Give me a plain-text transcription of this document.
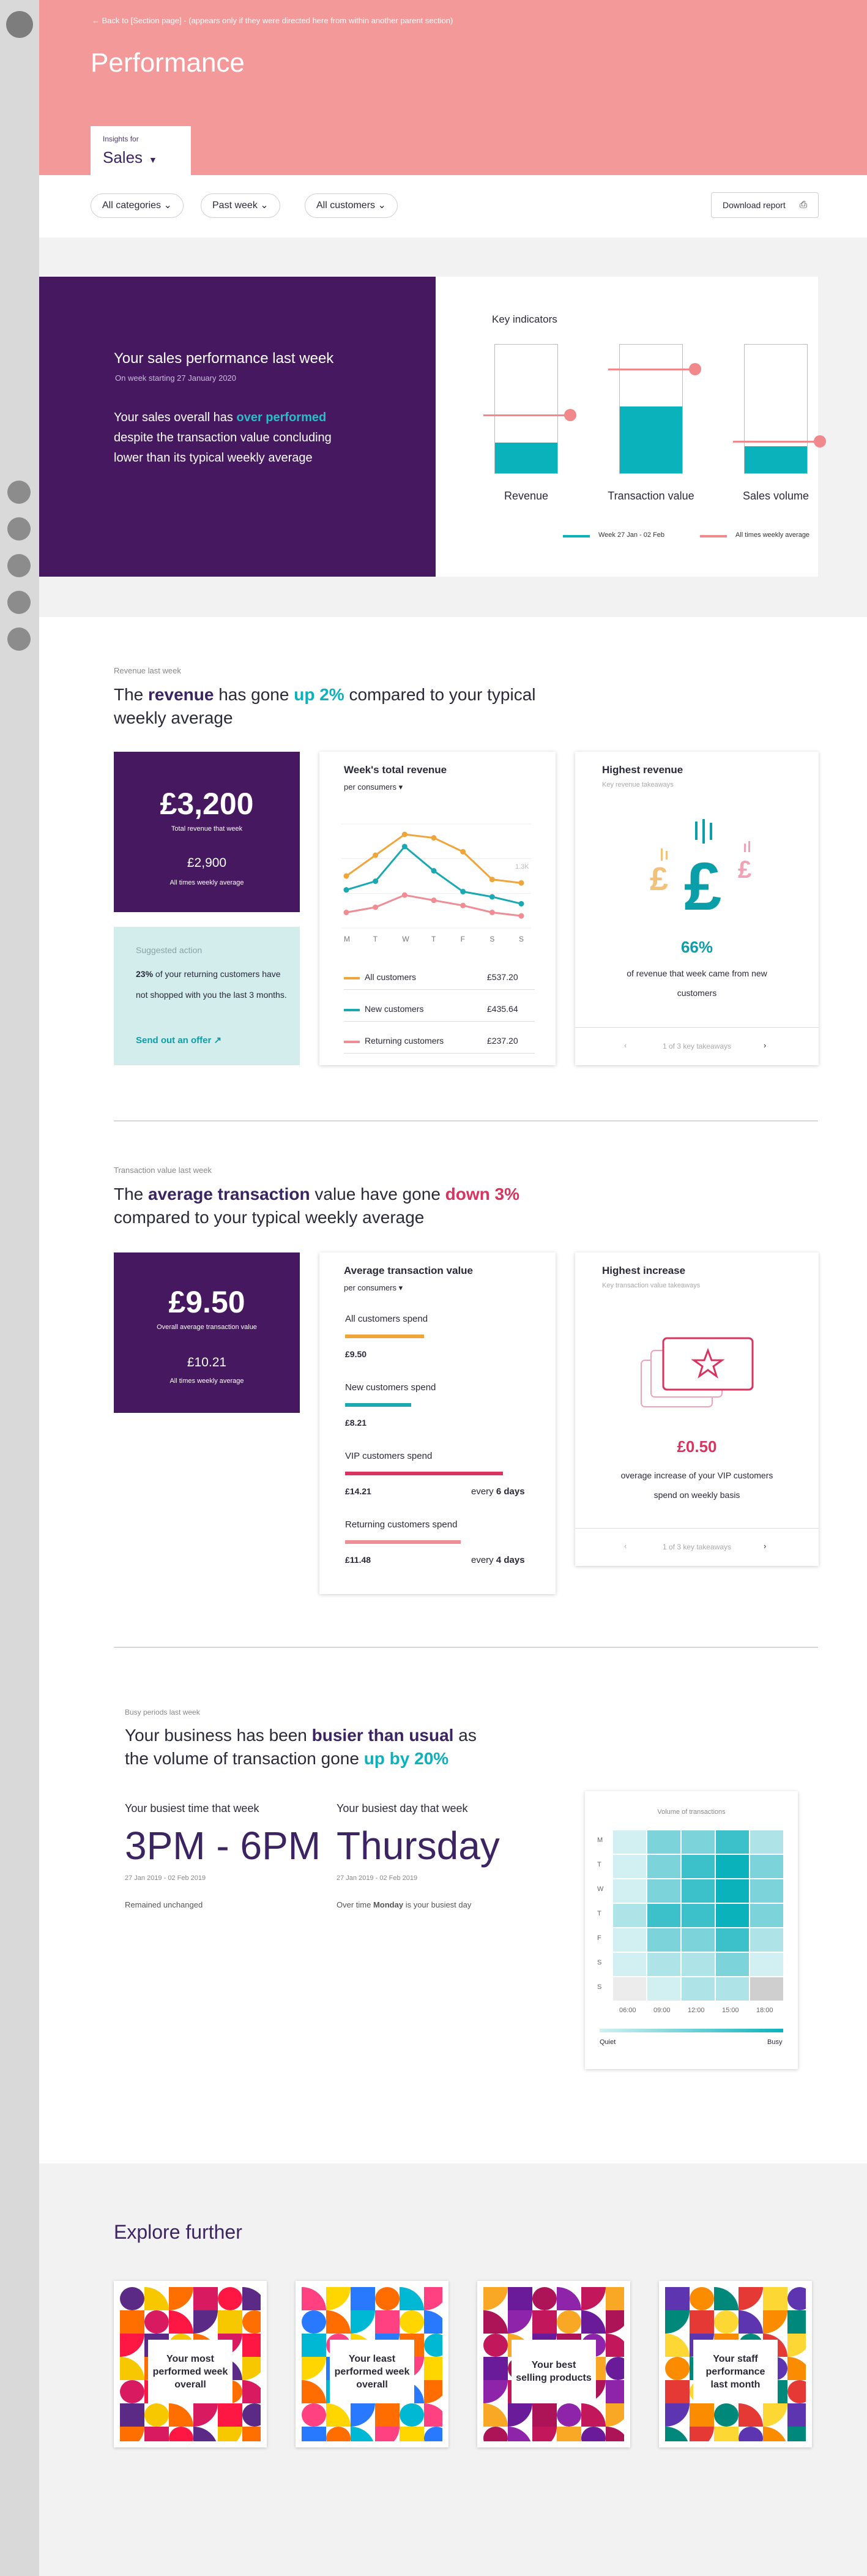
← Back to [Section page] - (appears only if they were directed here from within another parent section)
Performance
Insights for
Sales ▼
All categories ⌄	Past week ⌄	All customers ⌄	Download report ⎙
Your sales performance last week
On week starting 27 January 2020
Your sales overall has over performed despite the transaction value concluding lower than its typical weekly average
Key indicators
Revenue	Transaction value	Sales volume
Week 27 Jan - 02 Feb	All times weekly average
Revenue last week
The revenue has gone up 2% compared to your typical weekly average
£3,200
Total revenue that week
£2,900
All times weekly average
Suggested action
23% of your returning customers have not shopped with you the last 3 months.
Send out an offer ↗
Week's total revenue
per consumers ▾
1.3K
M	T	W	T	F	S	S
All customers	£537.20
New customers	£435.64
Returning customers	£237.20
Highest revenue
Key revenue takeaways
£	£
£
66%
of revenue that week came from new customers
‹	1 of 3 key takeaways	›
Transaction value last week
The average transaction value have gone down 3% compared to your typical weekly average
£9.50
Overall average transaction value
£10.21
All times weekly average
Average transaction value
per consumers ▾
All customers spend
£9.50
New customers spend
£8.21
VIP customers spend
£14.21	every 6 days
Returning customers spend
£11.48	every 4 days
Highest increase
Key transaction value takeaways
£0.50
overage increase of your VIP customers spend on weekly basis
‹	1 of 3 key takeaways	›
Busy periods last week
Your business has been busier than usual as the volume of transaction gone up by 20%
Your busiest time that week
3PM - 6PM
27 Jan 2019 - 02 Feb 2019
Remained unchanged
Your busiest day that week
Thursday
27 Jan 2019 - 02 Feb 2019
Over time Monday is your busiest day
Volume of transactions
M
T
W
T
F
S
S
06:00	09:00	12:00	15:00	18:00
Quiet	Busy
Explore further
Your most performed week overall
Your least performed week overall
Your best selling products
Your staff performance last month
